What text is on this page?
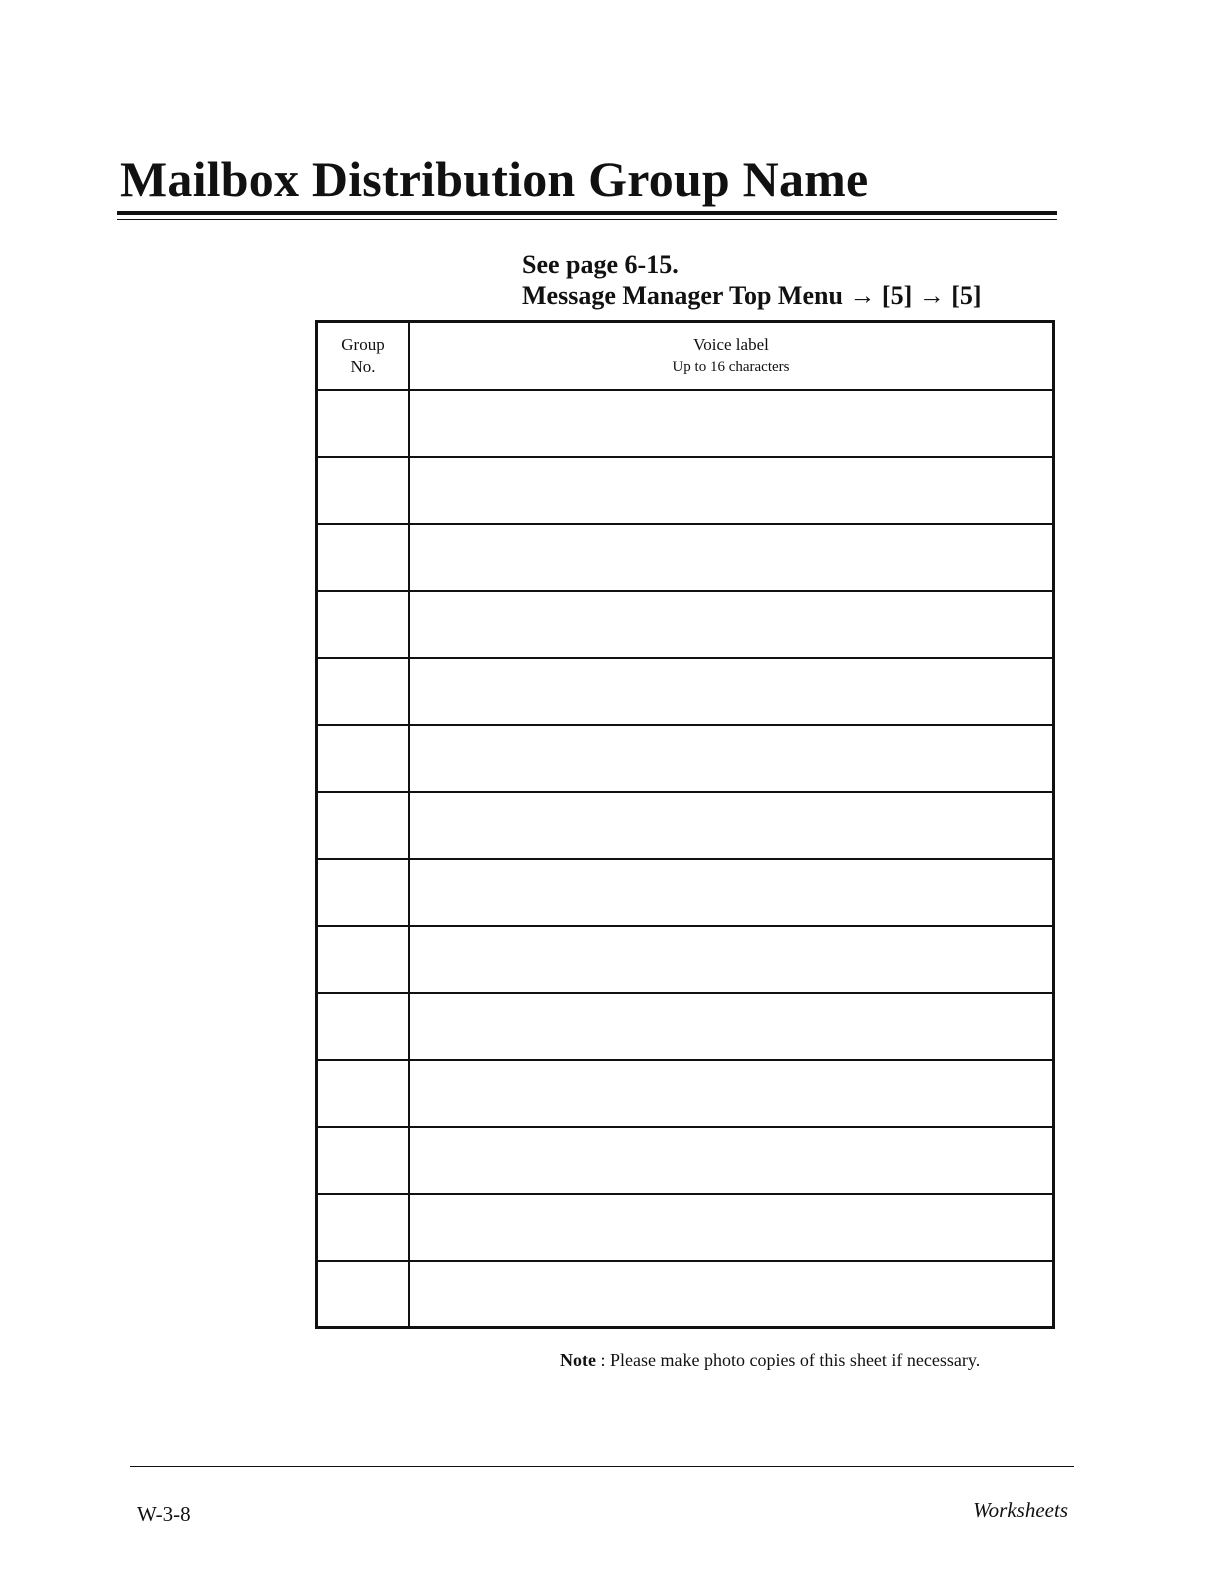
Mailbox Distribution Group Name
See page 6-15.
Message Manager Top Menu → [5] → [5]
Group
No.
Voice label
Up to 16 characters
Note : Please make photo copies of this sheet if necessary.
W-3-8	Worksheets
